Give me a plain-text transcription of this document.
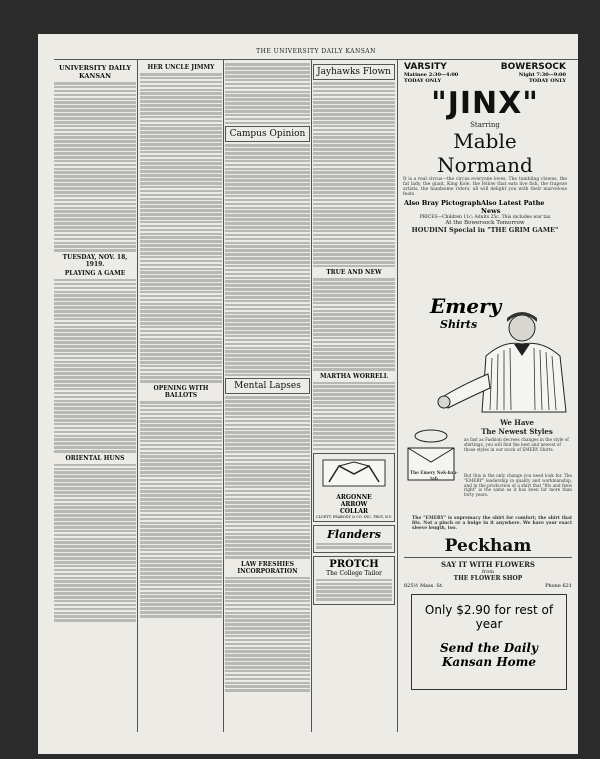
THE UNIVERSITY DAILY KANSAN
UNIVERSITY DAILY KANSAN
TUESDAY, NOV. 18, 1919.
PLAYING A GAME
ORIENTAL HUNS
HER UNCLE JIMMY
OPENING WITH BALLOTS
Campus Opinion
Mental Lapses
LAW FRESHIES INCORPORATION
Jayhawks Flown
TRUE AND NEW
MARTHA WORRELL
ARGONNE
ARROW
COLLAR
CLUETT, PEABODY & CO. INC. TROY, N.Y.
Flanders
PROTCH
The College Tailor
VARSITY	BOWERSOCK
Matinee 2:30—4:00	Night 7:30—9:00
TODAY ONLY	TODAY ONLY
"JINX"
Starring
Mable
Normand
It is a real circus—the circus everyone loves. The tumbling clowns, the fat lady, the giant, King Kole, the fellow that eats live fish, the trapeze artists, the handsome riders; all will delight you with their marvelous feats
Also Bray Pictograph Also Latest Pathe News
PRICES—Children 11c; Adults 25c. This includes war tax
At the Bowersock Tomorrow
HOUDINI Special in "THE GRIM GAME"
Emery
Shirts
We Have
The Newest Styles
as fast as Fashion decrees changes in the style of shirtings, you will find the best and newest of those styles in our stock of EMERY Shirts.
The Emery Nek-ban-tab
But this is the only change you need look for. The "EMERY" leadership in quality and workmanship, and in the production of a shirt that "fits and feels right" is the same as it has been for more than forty years.
The "EMERY" is supremacy the shirt for comfort; the shirt that fits. Not a pinch or a bulge in it anywhere. We have your exact sleeve length, too.
Peckham
SAY IT WITH FLOWERS
from
THE FLOWER SHOP
825½ Mass. St.	Phone 621
Only $2.90 for rest of year
Send the Daily Kansan Home
